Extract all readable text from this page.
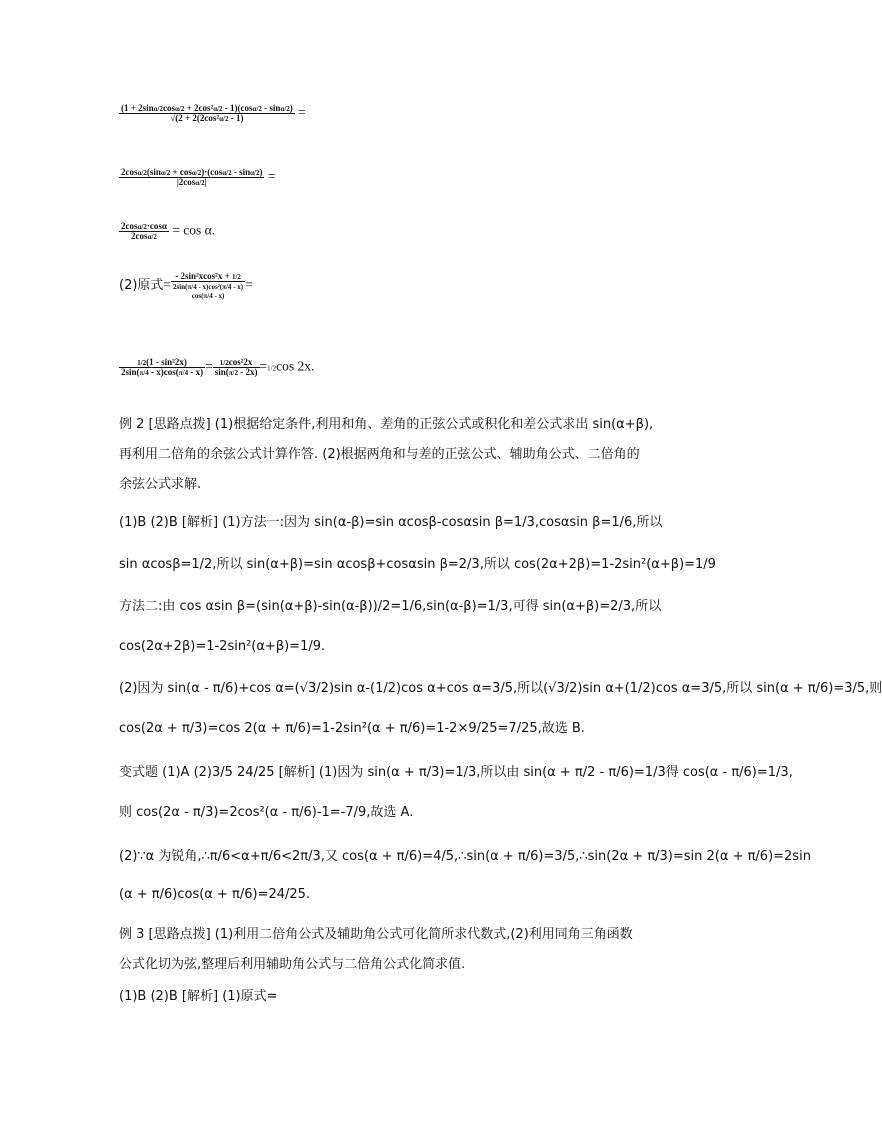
$\frac{\text{(1 + 2sinα/2cosα/2 + 2cos²α/2 - 1)(cosα/2 - sinα/2)}}{\text{√(2 + 2(2cos²α/2 - 1)}}$ =
$\frac{2\cos\alpha/2(\sin\alpha/2 + \cos\alpha/2)\cdot(\cos\alpha/2 - \sin\alpha/2)}{|2\cos\alpha/2|}$ =
$\frac{2\cos\alpha/2\cdot\cos\alpha}{2\cos\alpha/2} = \cos \alpha$.
(2)原式=
- 2sin²xcos²x + 1/2
2sin(π/4 - x)cos²(π/4 - x)
cos(π/4 - x)
=
$\frac{\text{1/2(1 - sin²2x)}}{2\sin(\pi/4 - x)\cos(\pi/4 - x)} = \frac{\text{1/2cos²2x}}{\sin(\pi/2 - 2x)} =1/2\cos$ 2x.
例 2 [思路点拨] (1)根据给定条件,利用和角、差角的正弦公式或积化和差公式求出 sin(α+β),
再利用二倍角的余弦公式计算作答. (2)根据两角和与差的正弦公式、辅助角公式、二倍角的
余弦公式求解.
(1)B (2)B [解析] (1)方法一:因为 sin(α-β)=sin αcosβ-cosαsin β=1/3,cosαsin β=1/6,所以
sin αcosβ=1/2,所以 sin(α+β)=sin αcosβ+cosαsin β=2/3,所以 cos(2α+2β)=1-2sin²(α+β)=1/9
方法二:由 cos αsin β=(sin(α+β)-sin(α-β))/2=1/6,sin(α-β)=1/3,可得 sin(α+β)=2/3,所以
cos(2α+2β)=1-2sin²(α+β)=1/9.
(2)因为 sin(α - π/6)+cos α=(√3/2)sin α-(1/2)cos α+cos α=3/5,所以(√3/2)sin α+(1/2)cos α=3/5,所以 sin(α + π/6)=3/5,则
cos(2α + π/3)=cos 2(α + π/6)=1-2sin²(α + π/6)=1-2×9/25=7/25,故选 B.
变式题 (1)A (2)3/5 24/25 [解析] (1)因为 sin(α + π/3)=1/3,所以由 sin(α + π/2 - π/6)=1/3得 cos(α - π/6)=1/3,
则 cos(2α - π/3)=2cos²(α - π/6)-1=-7/9,故选 A.
(2)∵α 为锐角,∴π/6<α+π/6<2π/3,又 cos(α + π/6)=4/5,∴sin(α + π/6)=3/5,∴sin(2α + π/3)=sin 2(α + π/6)=2sin
(α + π/6)cos(α + π/6)=24/25.
例 3 [思路点拨] (1)利用二倍角公式及辅助角公式可化简所求代数式,(2)利用同角三角函数
公式化切为弦,整理后利用辅助角公式与二倍角公式化简求值.
(1)B (2)B [解析] (1)原式=
